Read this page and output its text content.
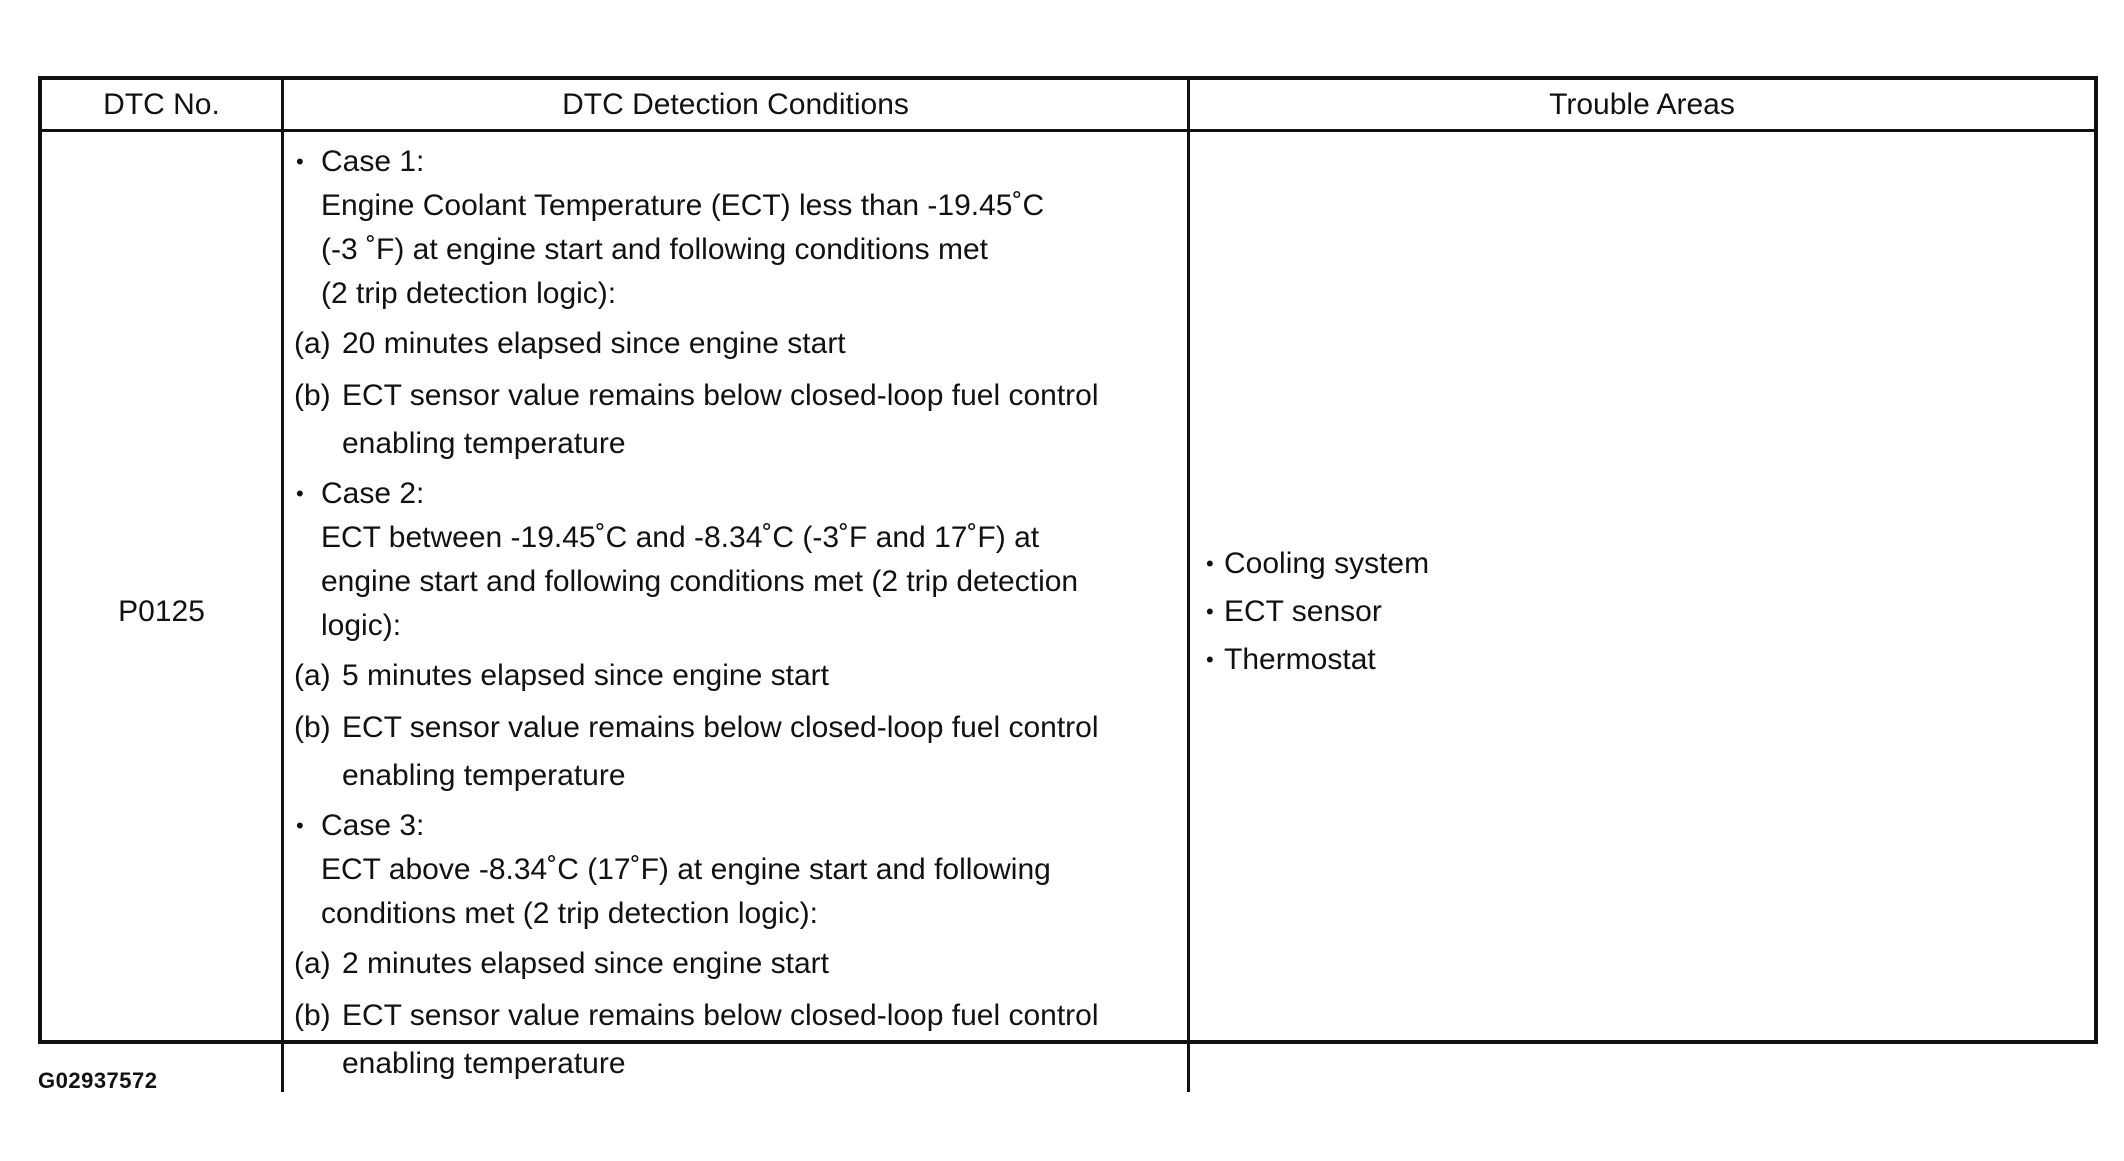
DTC No.	DTC Detection Conditions	Trouble Areas
P0125
• Case 1:
Engine Coolant Temperature (ECT) less than -19.45˚C
(-3 ˚F) at engine start and following conditions met
(2 trip detection logic):
(a) 20 minutes elapsed since engine start
(b) ECT sensor value remains below closed-loop fuel control enabling temperature
• Case 2:
ECT between -19.45˚C and -8.34˚C (-3˚F and 17˚F) at
engine start and following conditions met (2 trip detection
logic):
(a) 5 minutes elapsed since engine start
(b) ECT sensor value remains below closed-loop fuel control enabling temperature
• Case 3:
ECT above -8.34˚C (17˚F) at engine start and following
conditions met (2 trip detection logic):
(a) 2 minutes elapsed since engine start
(b) ECT sensor value remains below closed-loop fuel control enabling temperature
• Cooling system
• ECT sensor
• Thermostat
G02937572
